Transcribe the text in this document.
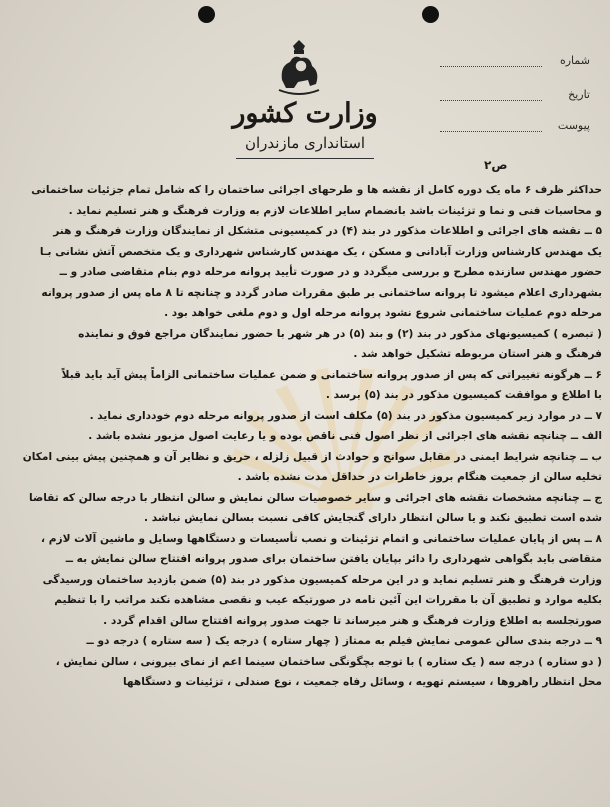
وزارت کشور
استانداری مازندران
شماره
تاریخ
پیوست
ص۲
حداکثر ظرف ۶ ماه یک دوره کامل از نقشه ها و طرحهای اجرائی ساختمان را که شامل تمام جزئیات ساختمانی
و محاسبات فنی و نما و تزئینات باشد بانضمام سایر اطلاعات لازم به وزارت فرهنگ و هنر تسلیم نماید .
۵ ــ نقشه های اجرائی و اطلاعات مذکور در بند (۴) در کمیسیونی متشکل از نمایندگان وزارت فرهنگ و هنر
یک مهندس کارشناس وزارت آبادانی و مسکن ، یک مهندس کارشناس شهرداری و یک متخصص آتش نشانی بـا
حضور مهندس سازنده مطرح و بررسی میگردد و در صورت تأیید پروانه مرحله دوم بنام متقاضی صادر و ــ
بشهرداری اعلام میشود تا پروانه ساختمانی بر طبق مقررات صادر گردد و چنانچه تا ۸ ماه پس از صدور پروانه
مرحله دوم عملیات ساختمانی شروع نشود پروانه مرحله اول و دوم ملغی خواهد بود .
( تبصره ) کمیسیونهای مذکور در بند (۲) و بند (۵) در هر شهر با حضور نمایندگان مراجع فوق و نماینده
فرهنگ و هنر استان مربوطه تشکیل خواهد شد .
۶ ــ هرگونه تغییراتی که پس از صدور پروانه ساختمانی و ضمن عملیات ساختمانی الزاماً پیش آید باید قبلاً
با اطلاع و موافقت کمیسیون مذکور در بند (۵) برسد .
۷ ــ در موارد زیر کمیسیون مذکور در بند (۵) مکلف است از صدور پروانه مرحله دوم خودداری نماید .
الف ــ چنانچه نقشه های اجرائی از نظر اصول فنی ناقص بوده و یا رعایت اصول مزبور نشده باشد .
ب ــ چنانچه شرایط ایمنی در مقابل سوانح و حوادث از قبیل زلزله ، حریق و نظایر آن و همچنین پیش بینی امکان
تخلیه سالن از جمعیت هنگام بروز خاطرات در حداقل مدت نشده باشد .
ج ــ چنانچه مشخصات نقشه های اجرائی و سایر خصوصیات سالن نمایش و سالن انتظار با درجه سالن که تقاضا
شده است تطبیق نکند و یا سالن انتظار دارای گنجایش کافی نسبت بسالن نمایش نباشد .
۸ ــ پس از پایان عملیات ساختمانی و اتمام تزئینات و نصب تأسیسات و دستگاهها وسایل و ماشین آلات لازم ،
متقاضی باید بگواهی شهرداری را دائر بپایان یافتن ساختمان برای صدور پروانه افتتاح سالن نمایش به ــ
وزارت فرهنگ و هنر تسلیم نماید و در این مرحله کمیسیون مذکور در بند (۵) ضمن بازدید ساختمان ورسیدگی
بکلیه موارد و تطبیق آن با مقررات این آئین نامه در صورتیکه عیب و نقصی مشاهده نکند مراتب را با تنظیم
صورتجلسه به اطلاع وزارت فرهنگ و هنر میرساند تا جهت صدور پروانه افتتاح سالن اقدام گردد .
۹ ــ درجه بندی سالن عمومی نمایش فیلم به ممتاز ( چهار ستاره ) درجه یک ( سه ستاره ) درجه دو ــ
( دو ستاره ) درجه سه ( یک ستاره ) با توجه بچگونگی ساختمان سینما اعم از نمای بیرونی ، سالن نمایش ،
محل انتظار راهروها ، سیستم تهویه ، وسائل رفاه جمعیت ، نوع صندلی ، تزئینات و دستگاهها
